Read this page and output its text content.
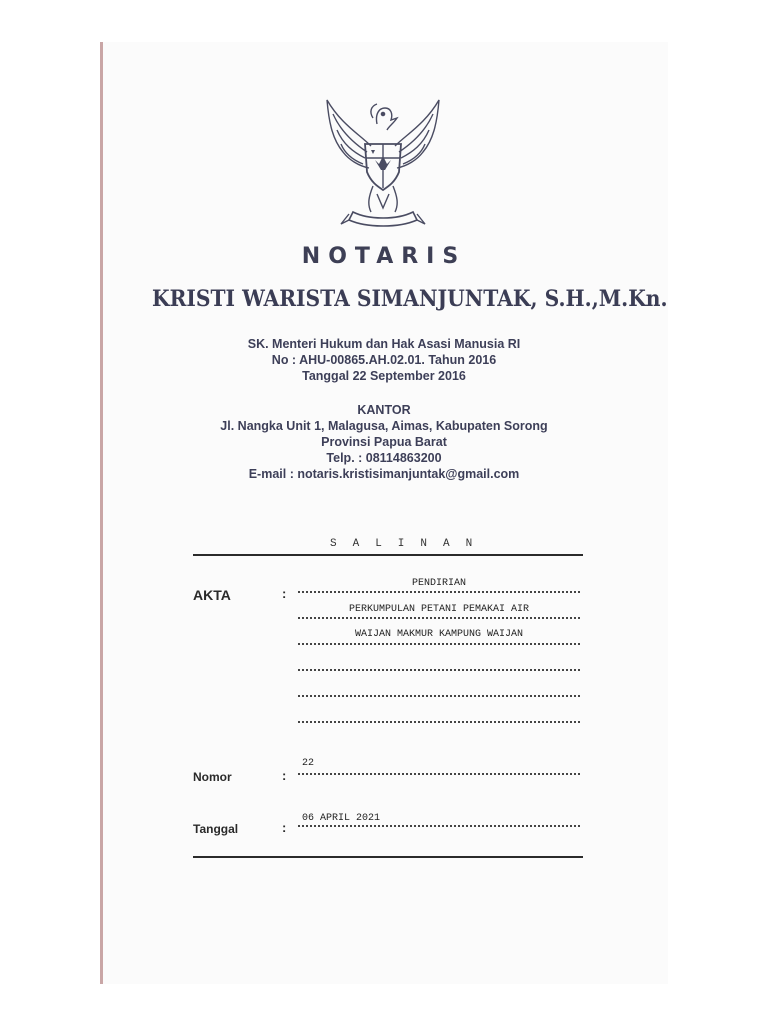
NOTARIS
KRISTI WARISTA SIMANJUNTAK, S.H.,M.Kn.
SK. Menteri Hukum dan Hak Asasi Manusia RI
No : AHU-00865.AH.02.01. Tahun 2016
Tanggal 22 September 2016
KANTOR
Jl. Nangka Unit 1, Malagusa, Aimas, Kabupaten Sorong
Provinsi Papua Barat
Telp. : 08114863200
E-mail : notaris.kristisimanjuntak@gmail.com
SALINAN
AKTA	:
PENDIRIAN
PERKUMPULAN PETANI PEMAKAI AIR
WAIJAN MAKMUR KAMPUNG WAIJAN
Nomor	:
22
Tanggal	:
06 APRIL 2021
